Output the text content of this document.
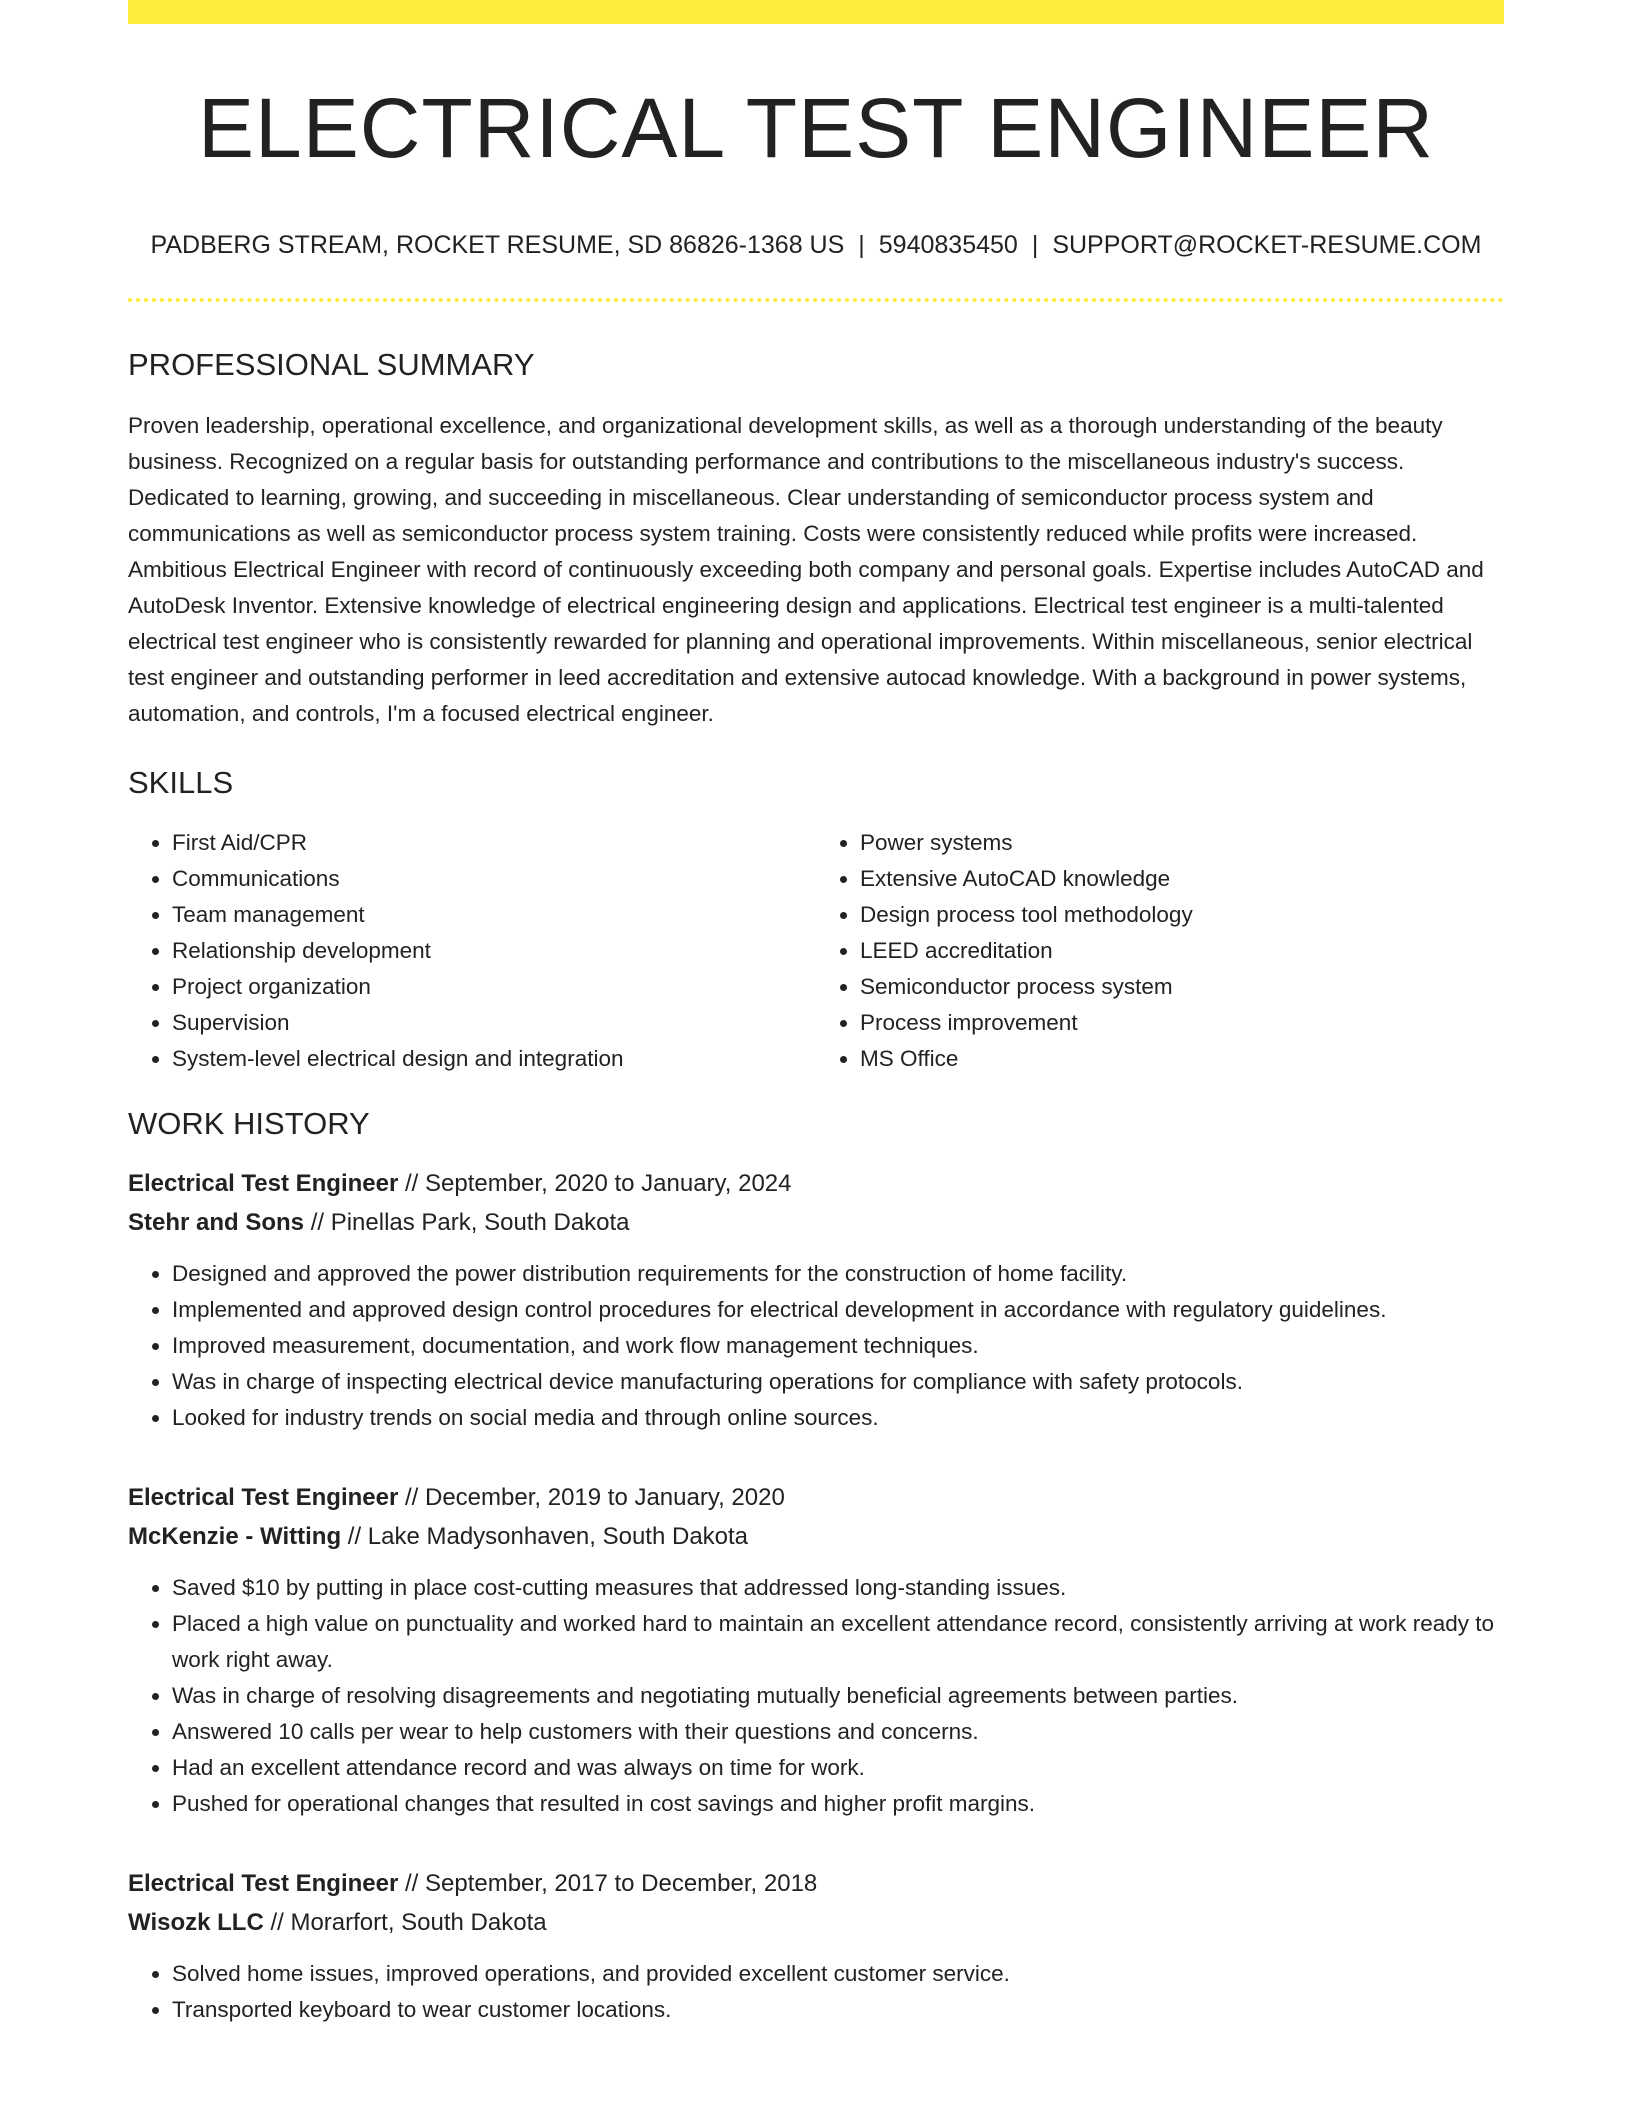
ELECTRICAL TEST ENGINEER
PADBERG STREAM, ROCKET RESUME, SD 86826-1368 US | 5940835450 | SUPPORT@ROCKET-RESUME.COM
PROFESSIONAL SUMMARY

Proven leadership, operational excellence, and organizational development skills, as well as a thorough understanding of the beauty business. Recognized on a regular basis for outstanding performance and contributions to the miscellaneous industry's success. Dedicated to learning, growing, and succeeding in miscellaneous. Clear understanding of semiconductor process system and communications as well as semiconductor process system training. Costs were consistently reduced while profits were increased. Ambitious Electrical Engineer with record of continuously exceeding both company and personal goals. Expertise includes AutoCAD and AutoDesk Inventor. Extensive knowledge of electrical engineering design and applications. Electrical test engineer is a multi-talented electrical test engineer who is consistently rewarded for planning and operational improvements. Within miscellaneous, senior electrical test engineer and outstanding performer in leed accreditation and extensive autocad knowledge. With a background in power systems, automation, and controls, I'm a focused electrical engineer.

SKILLS
• First Aid/CPR
• Communications
• Team management
• Relationship development
• Project organization
• Supervision
• System-level electrical design and integration
• Power systems
• Extensive AutoCAD knowledge
• Design process tool methodology
• LEED accreditation
• Semiconductor process system
• Process improvement
• MS Office
WORK HISTORY
Electrical Test Engineer // September, 2020 to January, 2024
Stehr and Sons // Pinellas Park, South Dakota
• Designed and approved the power distribution requirements for the construction of home facility.
• Implemented and approved design control procedures for electrical development in accordance with regulatory guidelines.
• Improved measurement, documentation, and work flow management techniques.
• Was in charge of inspecting electrical device manufacturing operations for compliance with safety protocols.
• Looked for industry trends on social media and through online sources.
Electrical Test Engineer // December, 2019 to January, 2020
McKenzie - Witting // Lake Madysonhaven, South Dakota
• Saved $10 by putting in place cost-cutting measures that addressed long-standing issues.
• Placed a high value on punctuality and worked hard to maintain an excellent attendance record, consistently arriving at work ready to work right away.
• Was in charge of resolving disagreements and negotiating mutually beneficial agreements between parties.
• Answered 10 calls per wear to help customers with their questions and concerns.
• Had an excellent attendance record and was always on time for work.
• Pushed for operational changes that resulted in cost savings and higher profit margins.
Electrical Test Engineer // September, 2017 to December, 2018
Wisozk LLC // Morarfort, South Dakota
• Solved home issues, improved operations, and provided excellent customer service.
• Transported keyboard to wear customer locations.
